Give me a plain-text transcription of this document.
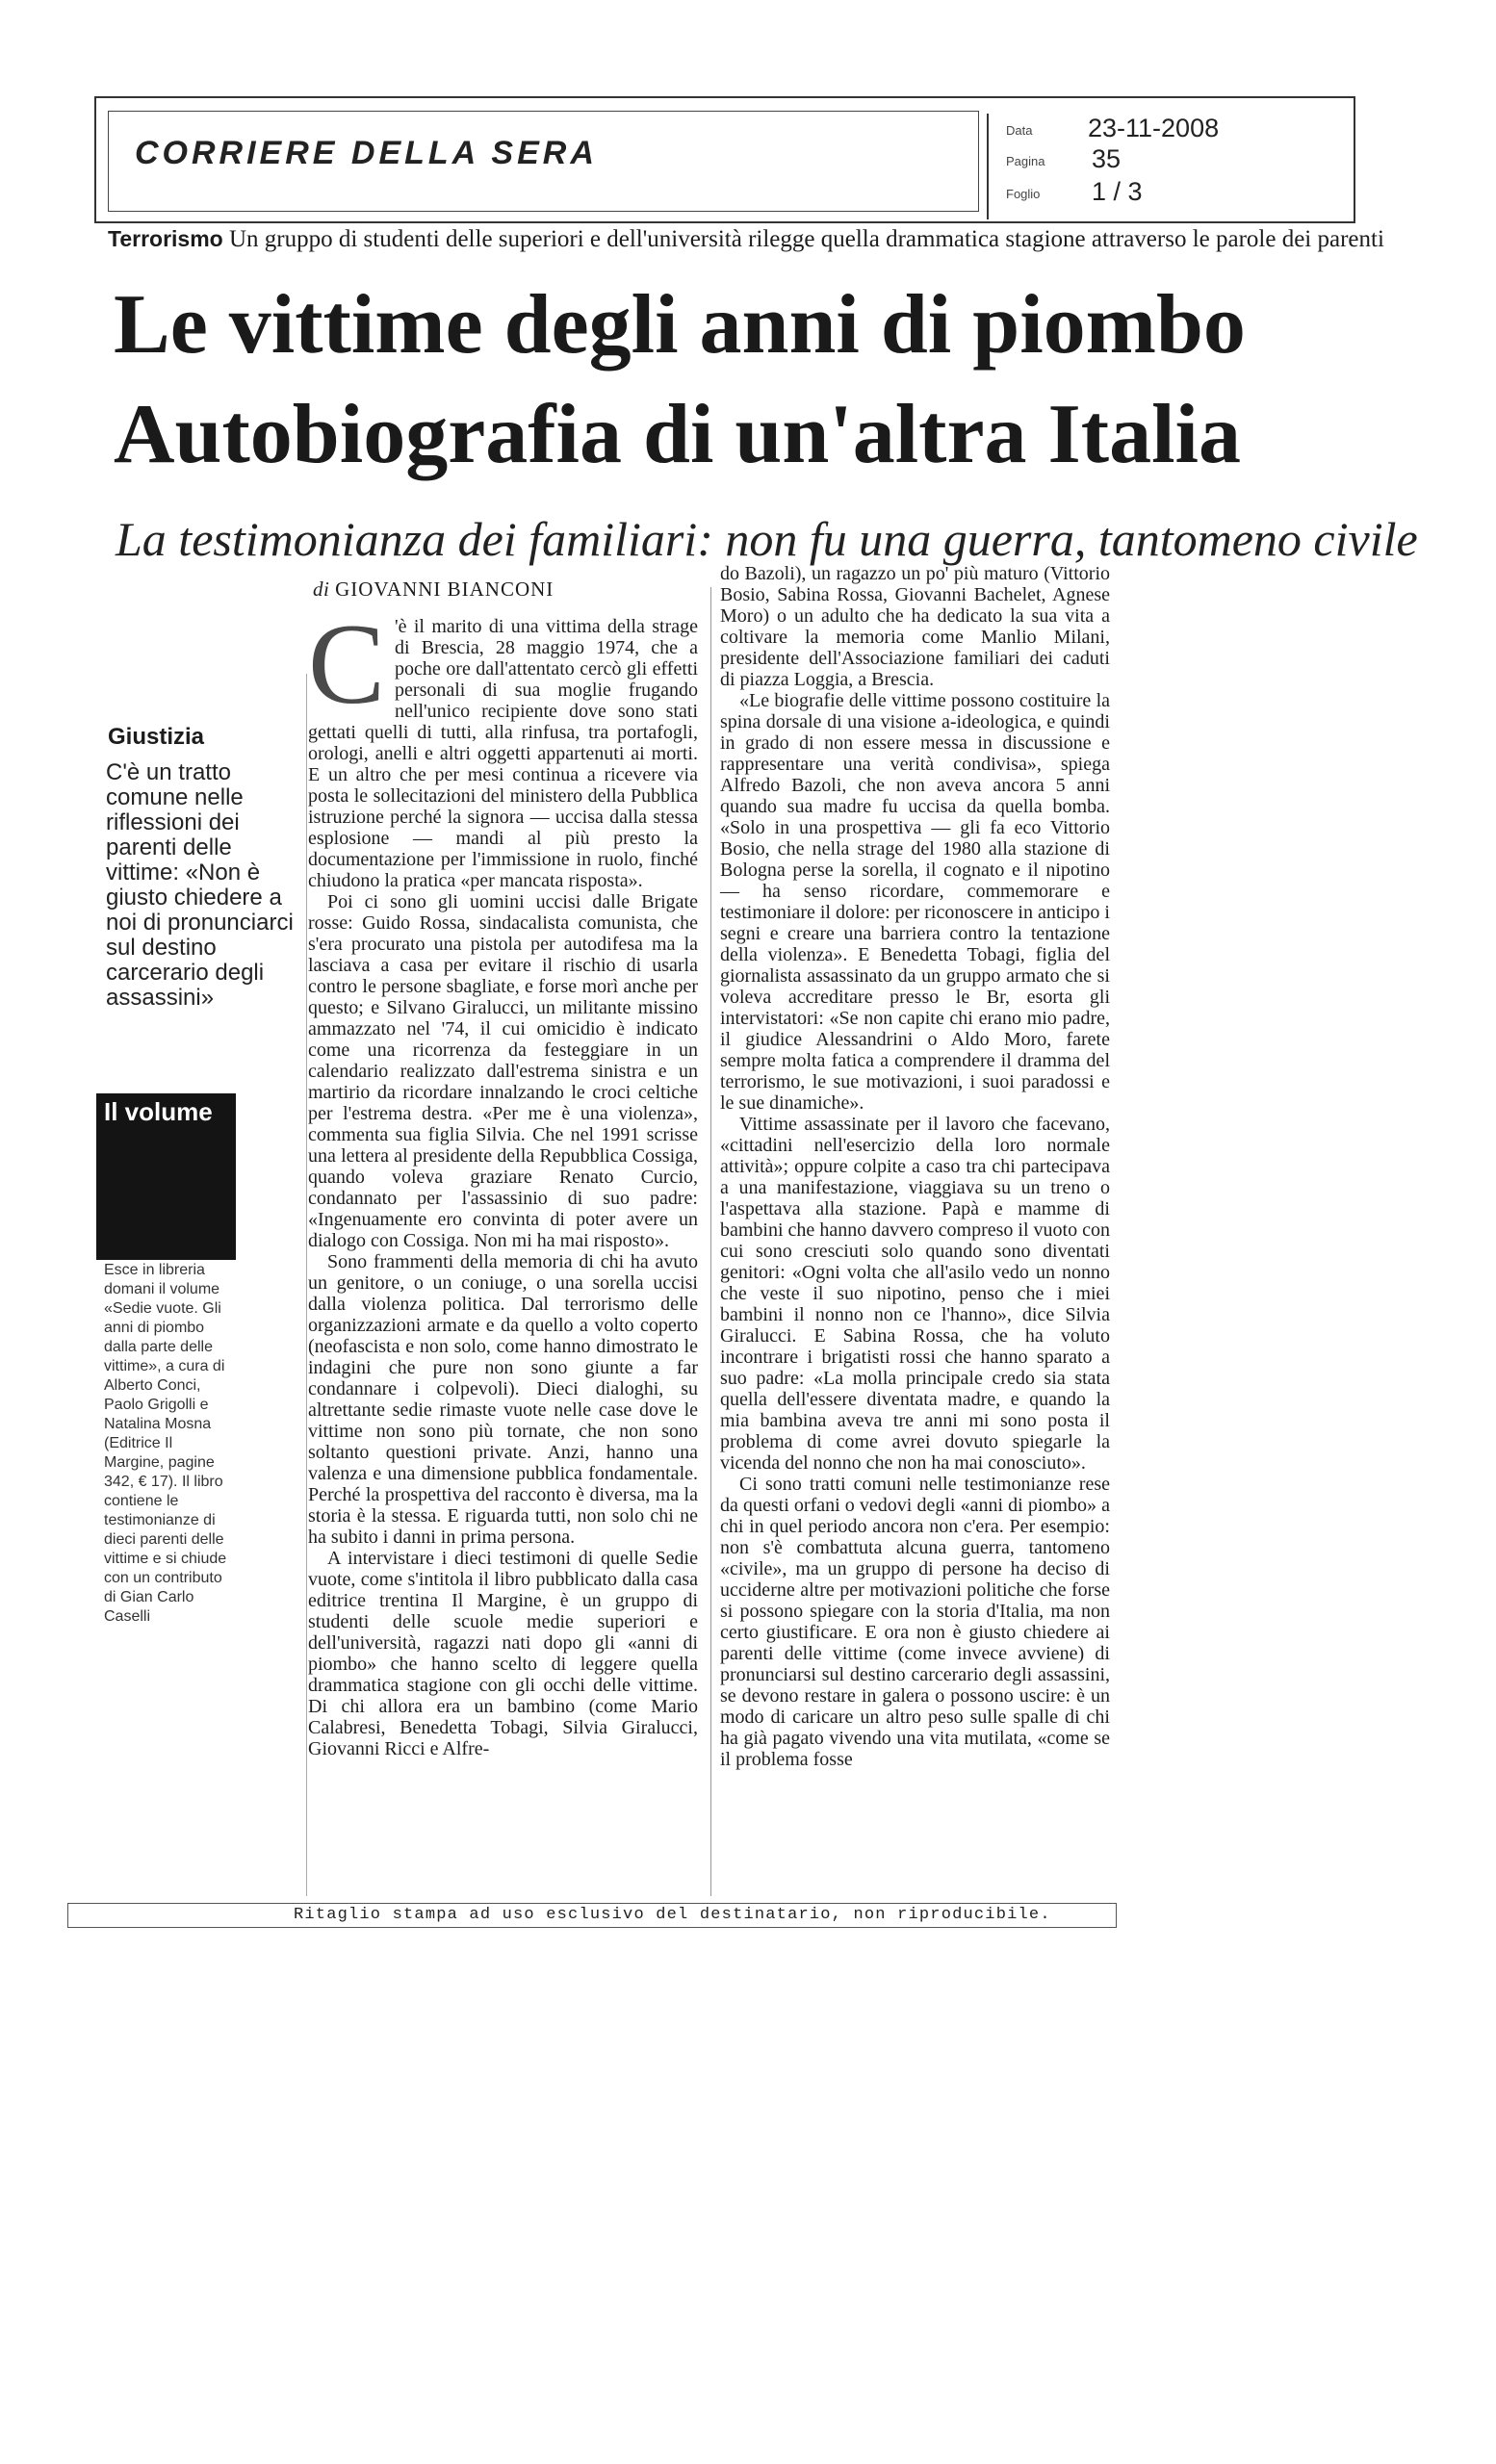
CORRIERE DELLA SERA
Data 23-11-2008
Pagina 35
Foglio 1 / 3
Terrorismo Un gruppo di studenti delle superiori e dell'università rilegge quella drammatica stagione attraverso le parole dei parenti
Le vittime degli anni di piombo
Autobiografia di un'altra Italia
La testimonianza dei familiari: non fu una guerra, tantomeno civile
di GIOVANNI BIANCONI
Giustizia
C'è un tratto comune nelle riflessioni dei parenti delle vittime: «Non è giusto chiedere a noi di pronunciarci sul destino carcerario degli assassini»
Il volume

Esce in libreria domani il volume «Sedie vuote. Gli anni di piombo dalla parte delle vittime», a cura di Alberto Conci, Paolo Grigolli e Natalina Mosna (Editrice Il Margine, pagine 342, € 17). Il libro contiene le testimonianze di dieci parenti delle vittime e si chiude con un contributo di Gian Carlo Caselli

C 'è il marito di una vittima della strage di Brescia, 28 maggio 1974, che a poche ore dall'attentato cercò gli effetti personali di sua moglie frugando nell'unico recipiente dove sono stati gettati quelli di tutti, alla rinfusa, tra portafogli, orologi, anelli e altri oggetti appartenuti ai morti. E un altro che per mesi continua a ricevere via posta le sollecitazioni del ministero della Pubblica istruzione perché la signora — uccisa dalla stessa esplosione — mandi al più presto la documentazione per l'immissione in ruolo, finché chiudono la pratica «per mancata risposta».

Poi ci sono gli uomini uccisi dalle Brigate rosse: Guido Rossa, sindacalista comunista, che s'era procurato una pistola per autodifesa ma la lasciava a casa per evitare il rischio di usarla contro le persone sbagliate, e forse morì anche per questo; e Silvano Giralucci, un militante missino ammazzato nel '74, il cui omicidio è indicato come una ricorrenza da festeggiare in un calendario realizzato dall'estrema sinistra e un martirio da ricordare innalzando le croci celtiche per l'estrema destra. «Per me è una violenza», commenta sua figlia Silvia. Che nel 1991 scrisse una lettera al presidente della Repubblica Cossiga, quando voleva graziare Renato Curcio, condannato per l'assassinio di suo padre: «Ingenuamente ero convinta di poter avere un dialogo con Cossiga. Non mi ha mai risposto».

Sono frammenti della memoria di chi ha avuto un genitore, o un coniuge, o una sorella uccisi dalla violenza politica. Dal terrorismo delle organizzazioni armate e da quello a volto coperto (neofascista e non solo, come hanno dimostrato le indagini che pure non sono giunte a far condannare i colpevoli). Dieci dialoghi, su altrettante sedie rimaste vuote nelle case dove le vittime non sono più tornate, che non sono soltanto questioni private. Anzi, hanno una valenza e una dimensione pubblica fondamentale. Perché la prospettiva del racconto è diversa, ma la storia è la stessa. E riguarda tutti, non solo chi ne ha subito i danni in prima persona.

A intervistare i dieci testimoni di quelle Sedie vuote, come s'intitola il libro pubblicato dalla casa editrice trentina Il Margine, è un gruppo di studenti delle scuole medie superiori e dell'università, ragazzi nati dopo gli «anni di piombo» che hanno scelto di leggere quella drammatica stagione con gli occhi delle vittime. Di chi allora era un bambino (come Mario Calabresi, Benedetta Tobagi, Silvia Giralucci, Giovanni Ricci e Alfre-

do Bazoli), un ragazzo un po' più maturo (Vittorio Bosio, Sabina Rossa, Giovanni Bachelet, Agnese Moro) o un adulto che ha dedicato la sua vita a coltivare la memoria come Manlio Milani, presidente dell'Associazione familiari dei caduti di piazza Loggia, a Brescia.

«Le biografie delle vittime possono costituire la spina dorsale di una visione a-ideologica, e quindi in grado di non essere messa in discussione e rappresentare una verità condivisa», spiega Alfredo Bazoli, che non aveva ancora 5 anni quando sua madre fu uccisa da quella bomba. «Solo in una prospettiva — gli fa eco Vittorio Bosio, che nella strage del 1980 alla stazione di Bologna perse la sorella, il cognato e il nipotino — ha senso ricordare, commemorare e testimoniare il dolore: per riconoscere in anticipo i segni e creare una barriera contro la tentazione della violenza». E Benedetta Tobagi, figlia del giornalista assassinato da un gruppo armato che si voleva accreditare presso le Br, esorta gli intervistatori: «Se non capite chi erano mio padre, il giudice Alessandrini o Aldo Moro, farete sempre molta fatica a comprendere il dramma del terrorismo, le sue motivazioni, i suoi paradossi e le sue dinamiche».

Vittime assassinate per il lavoro che facevano, «cittadini nell'esercizio della loro normale attività»; oppure colpite a caso tra chi partecipava a una manifestazione, viaggiava su un treno o l'aspettava alla stazione. Papà e mamme di bambini che hanno davvero compreso il vuoto con cui sono cresciuti solo quando sono diventati genitori: «Ogni volta che all'asilo vedo un nonno che veste il suo nipotino, penso che i miei bambini il nonno non ce l'hanno», dice Silvia Giralucci. E Sabina Rossa, che ha voluto incontrare i brigatisti rossi che hanno sparato a suo padre: «La molla principale credo sia stata quella dell'essere diventata madre, e quando la mia bambina aveva tre anni mi sono posta il problema di come avrei dovuto spiegarle la vicenda del nonno che non ha mai conosciuto».

Ci sono tratti comuni nelle testimonianze rese da questi orfani o vedovi degli «anni di piombo» a chi in quel periodo ancora non c'era. Per esempio: non s'è combattuta alcuna guerra, tantomeno «civile», ma un gruppo di persone ha deciso di ucciderne altre per motivazioni politiche che forse si possono spiegare con la storia d'Italia, ma non certo giustificare. E ora non è giusto chiedere ai parenti delle vittime (come invece avviene) di pronunciarsi sul destino carcerario degli assassini, se devono restare in galera o possono uscire: è un modo di caricare un altro peso sulle spalle di chi ha già pagato vivendo una vita mutilata, «come se il problema fosse

Ritaglio stampa ad uso esclusivo del destinatario, non riproducibile.
